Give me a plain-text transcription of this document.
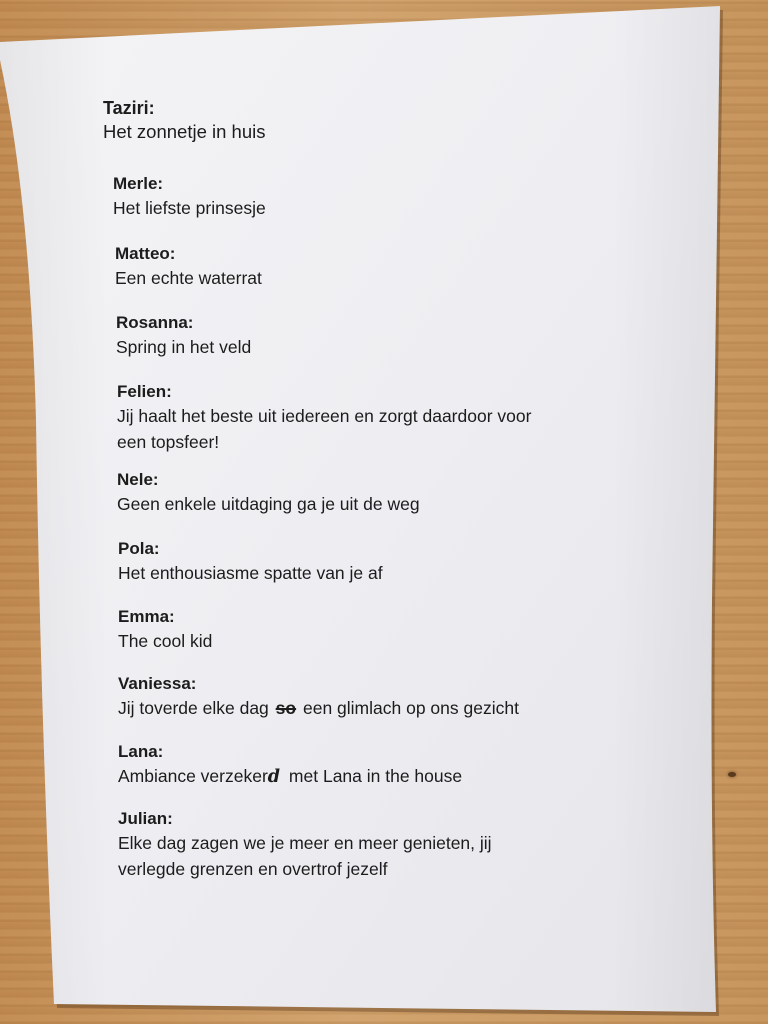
Taziri:
Het zonnetje in huis
Merle:
Het liefste prinsesje
Matteo:
Een echte waterrat
Rosanna:
Spring in het veld
Felien:
Jij haalt het beste uit iedereen en zorgt daardoor voor
een topsfeer!
Nele:
Geen enkele uitdaging ga je uit de weg
Pola:
Het enthousiasme spatte van je af
Emma:
The cool kid
Vaniessa:
Jij toverde elke dag so een glimlach op ons gezicht
Lana:
Ambiance verzekerd met Lana in the house
Julian:
Elke dag zagen we je meer en meer genieten, jij
verlegde grenzen en overtrof jezelf
